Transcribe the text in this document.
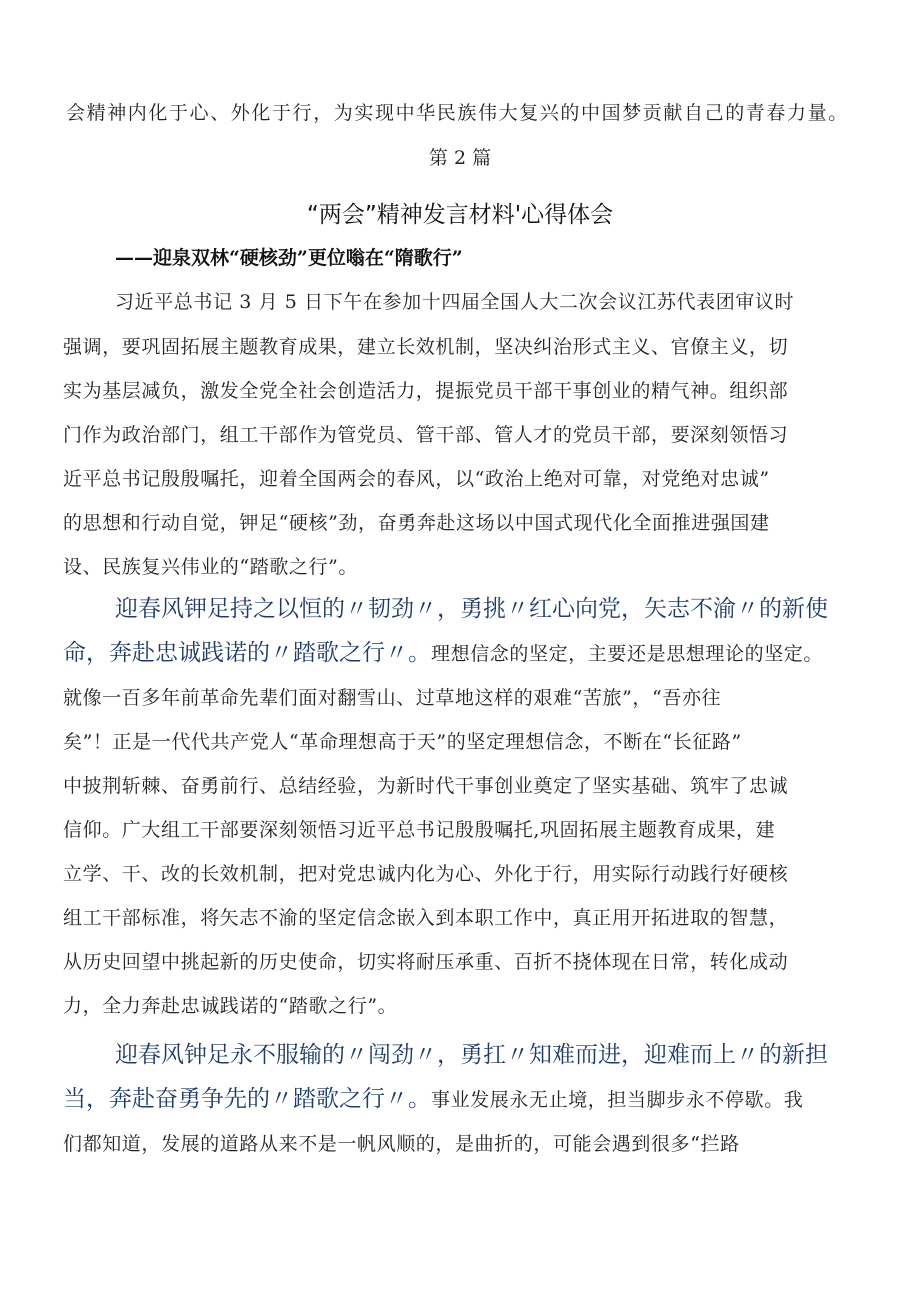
会精神内化于心、外化于行，为实现中华民族伟大复兴的中国梦贡献自己的青春力量。
第 2 篇
“两会”精神发言材料'心得体会
——迎泉双林“硬核劲”更位嗡在“隋歌行”
习近平总书记 3 月 5 日下午在参加十四届全国人大二次会议江苏代表团审议时
强调，要巩固拓展主题教育成果，建立长效机制，坚决纠治形式主义、官僚主义，切
实为基层减负，激发全党全社会创造活力，提振党员干部干事创业的精气神。组织部
门作为政治部门，组工干部作为管党员、管干部、管人才的党员干部，要深刻领悟习
近平总书记殷殷嘱托，迎着全国两会的春风，以“政治上绝对可靠，对党绝对忠诚”
的思想和行动自觉，钾足“硬核”劲，奋勇奔赴这场以中国式现代化全面推进强国建
设、民族复兴伟业的“踏歌之行”。
迎春风钾足持之以恒的〃韧劲〃，勇挑〃红心向党，矢志不渝〃的新使
命，奔赴忠诚践诺的〃踏歌之行〃。理想信念的坚定，主要还是思想理论的坚定。
就像一百多年前革命先辈们面对翻雪山、过草地这样的艰难“苦旅”，“吾亦往
矣”！正是一代代共产党人“革命理想高于天”的坚定理想信念，不断在“长征路”
中披荆斩棘、奋勇前行、总结经验，为新时代干事创业奠定了坚实基础、筑牢了忠诚
信仰。广大组工干部要深刻领悟习近平总书记殷殷嘱托,巩固拓展主题教育成果，建
立学、干、改的长效机制，把对党忠诚内化为心、外化于行，用实际行动践行好硬核
组工干部标准，将矢志不渝的坚定信念嵌入到本职工作中，真正用开拓进取的智慧，
从历史回望中挑起新的历史使命，切实将耐压承重、百折不挠体现在日常，转化成动
力，全力奔赴忠诚践诺的“踏歌之行”。
迎春风钟足永不服输的〃闯劲〃，勇扛〃知难而进，迎难而上〃的新担
当，奔赴奋勇争先的〃踏歌之行〃。事业发展永无止境，担当脚步永不停歇。我
们都知道，发展的道路从来不是一帆风顺的，是曲折的，可能会遇到很多“拦路
